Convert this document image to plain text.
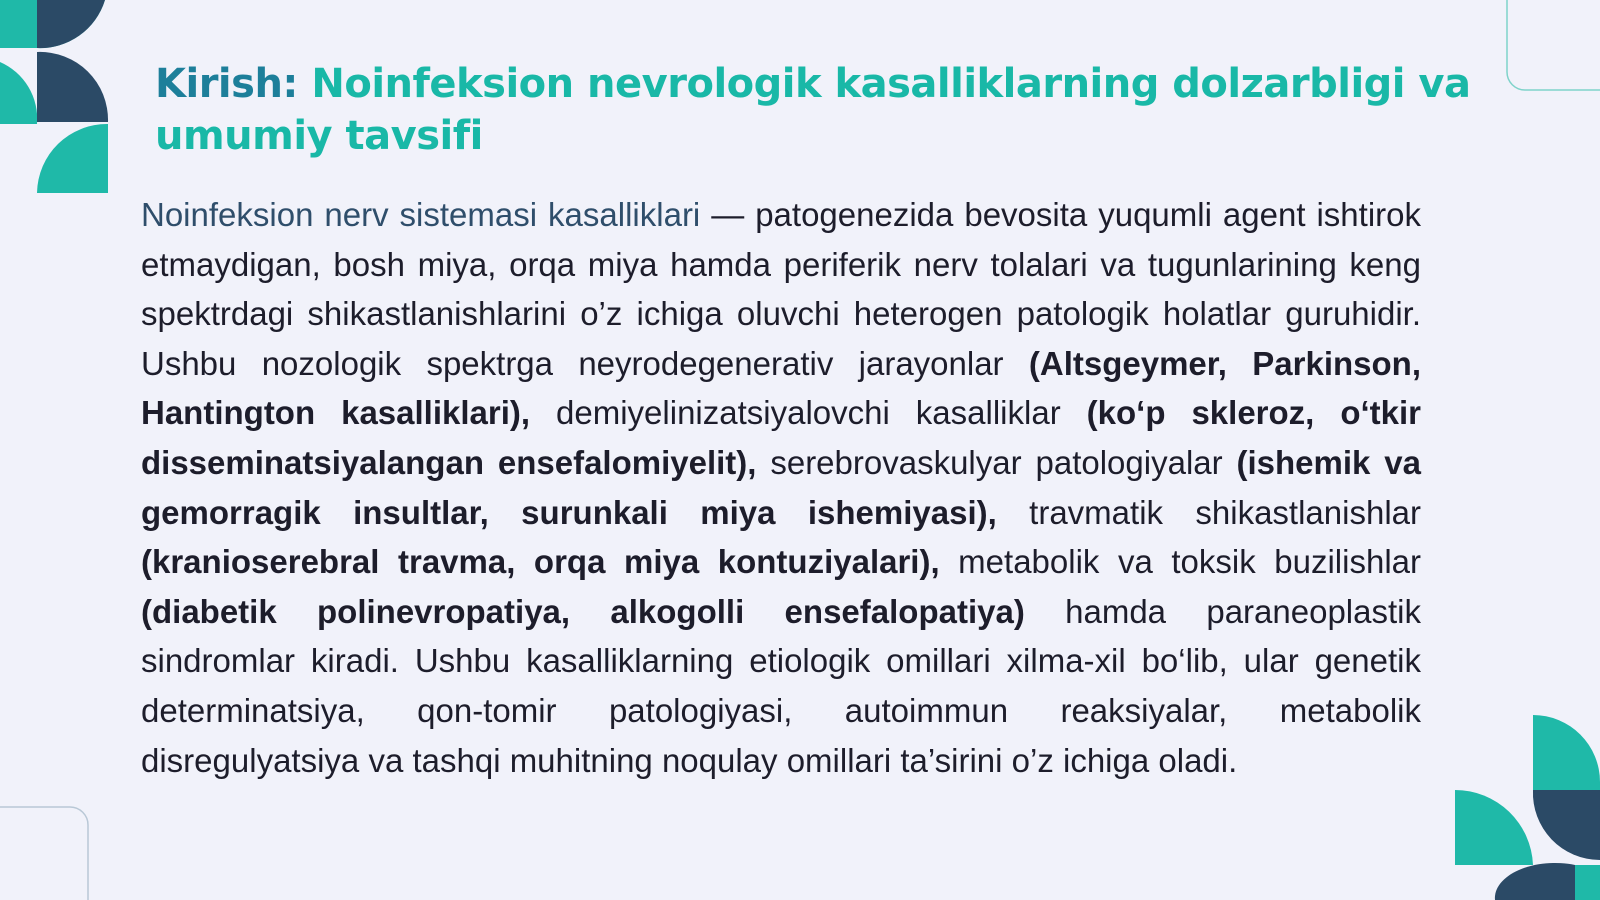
Kirish: Noinfeksion nevrologik kasalliklarning dolzarbligi va umumiy tavsifi

Noinfeksion nerv sistemasi kasalliklari — patogenezida bevosita yuqumli agent ishtirok etmaydigan, bosh miya, orqa miya hamda periferik nerv tolalari va tugunlarining keng spektrdagi shikastlanishlarini o’z ichiga oluvchi heterogen patologik holatlar guruhidir. Ushbu nozologik spektrga neyrodegenerativ jarayonlar (Altsgeymer, Parkinson, Hantington kasalliklari), demiyelinizatsiyalovchi kasalliklar (ko‘p skleroz, o‘tkir disseminatsiyalangan ensefalomiyelit), serebrovaskulyar patologiyalar (ishemik va gemorragik insultlar, surunkali miya ishemiyasi), travmatik shikastlanishlar (kranioserebral travma, orqa miya kontuziyalari), metabolik va toksik buzilishlar (diabetik polinevropatiya, alkogolli ensefalopatiya) hamda paraneoplastik sindromlar kiradi. Ushbu kasalliklarning etiologik omillari xilma-xil bo‘lib, ular genetik determinatsiya, qon-tomir patologiyasi, autoimmun reaksiyalar, metabolik disregulyatsiya va tashqi muhitning noqulay omillari ta’sirini o’z ichiga oladi.
